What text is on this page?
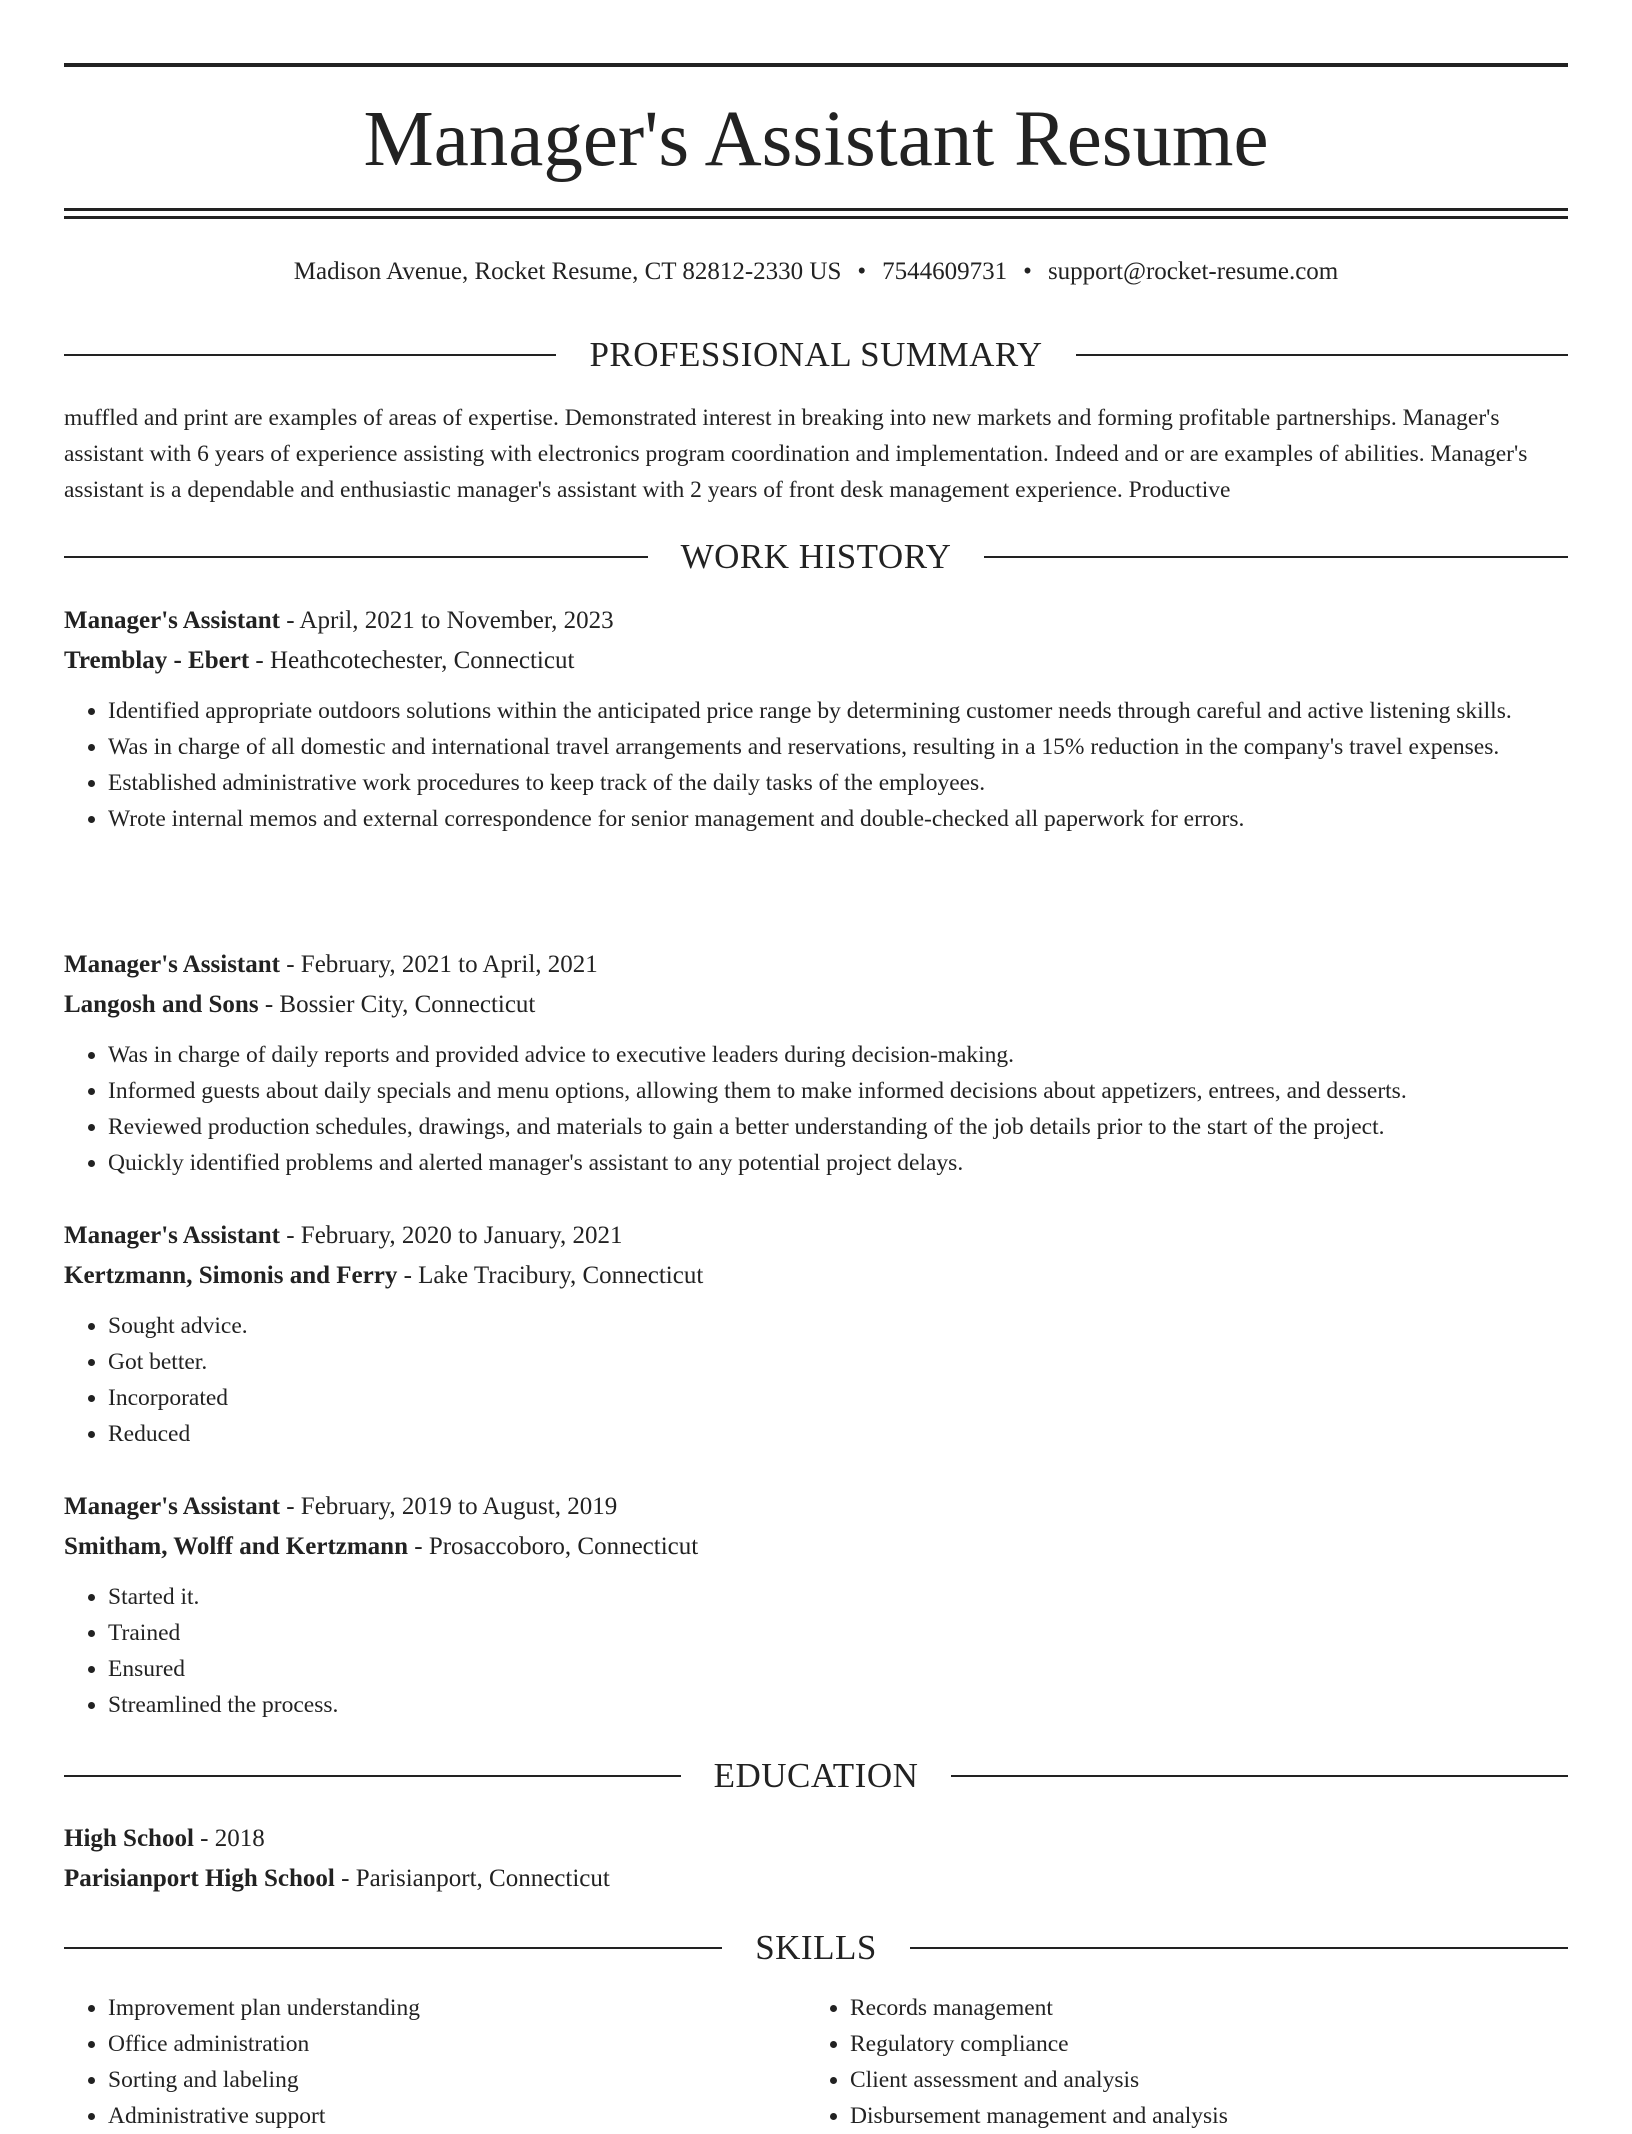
Manager's Assistant Resume
Madison Avenue, Rocket Resume, CT 82812-2330 US • 7544609731 • support@rocket-resume.com
PROFESSIONAL SUMMARY
muffled and print are examples of areas of expertise. Demonstrated interest in breaking into new markets and forming profitable partnerships. Manager's assistant with 6 years of experience assisting with electronics program coordination and implementation. Indeed and or are examples of abilities. Manager's assistant is a dependable and enthusiastic manager's assistant with 2 years of front desk management experience. Productive
WORK HISTORY
Manager's Assistant - April, 2021 to November, 2023
Tremblay - Ebert - Heathcotechester, Connecticut
• Identified appropriate outdoors solutions within the anticipated price range by determining customer needs through careful and active listening skills.
• Was in charge of all domestic and international travel arrangements and reservations, resulting in a 15% reduction in the company's travel expenses.
• Established administrative work procedures to keep track of the daily tasks of the employees.
• Wrote internal memos and external correspondence for senior management and double-checked all paperwork for errors.
Manager's Assistant - February, 2021 to April, 2021
Langosh and Sons - Bossier City, Connecticut
• Was in charge of daily reports and provided advice to executive leaders during decision-making.
• Informed guests about daily specials and menu options, allowing them to make informed decisions about appetizers, entrees, and desserts.
• Reviewed production schedules, drawings, and materials to gain a better understanding of the job details prior to the start of the project.
• Quickly identified problems and alerted manager's assistant to any potential project delays.
Manager's Assistant - February, 2020 to January, 2021
Kertzmann, Simonis and Ferry - Lake Tracibury, Connecticut
• Sought advice.
• Got better.
• Incorporated
• Reduced
Manager's Assistant - February, 2019 to August, 2019
Smitham, Wolff and Kertzmann - Prosaccoboro, Connecticut
• Started it.
• Trained
• Ensured
• Streamlined the process.
EDUCATION
High School - 2018
Parisianport High School - Parisianport, Connecticut
SKILLS
• Improvement plan understanding
• Office administration
• Sorting and labeling
• Administrative support
• Records management
• Regulatory compliance
• Client assessment and analysis
• Disbursement management and analysis
